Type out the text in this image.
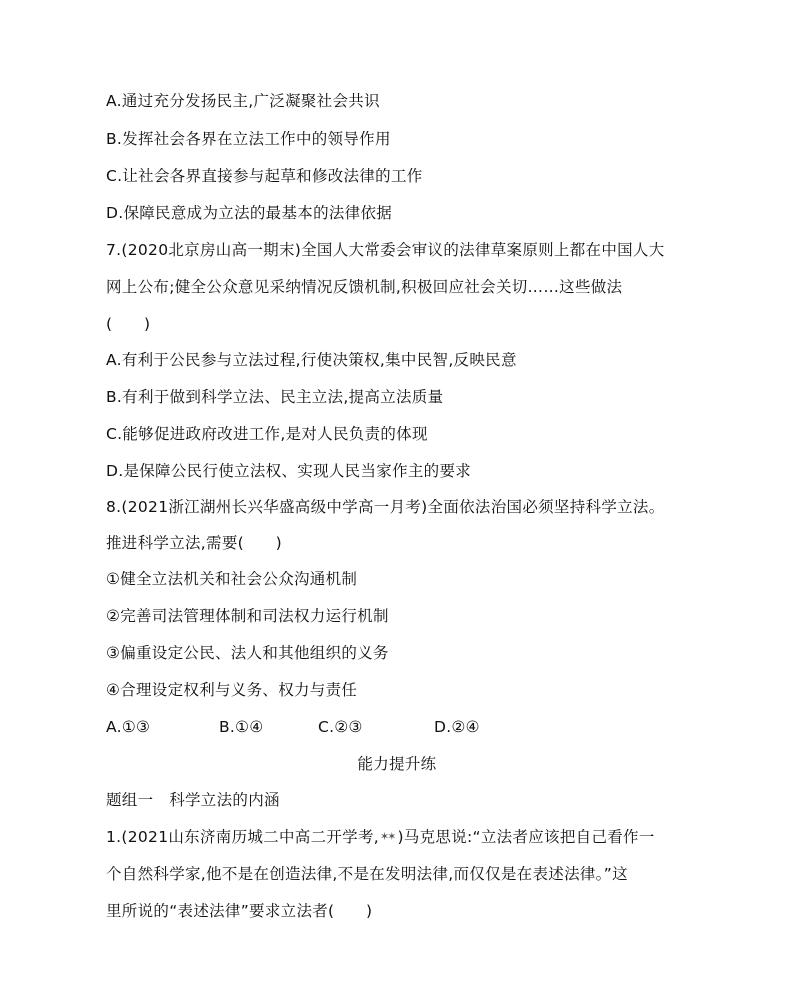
A.通过充分发扬民主,广泛凝聚社会共识
B.发挥社会各界在立法工作中的领导作用
C.让社会各界直接参与起草和修改法律的工作
D.保障民意成为立法的最基本的法律依据
7.(2020北京房山高一期末)全国人大常委会审议的法律草案原则上都在中国人大
网上公布;健全公众意见采纳情况反馈机制,积极回应社会关切……这些做法
(　　)
A.有利于公民参与立法过程,行使决策权,集中民智,反映民意
B.有利于做到科学立法、民主立法,提高立法质量
C.能够促进政府改进工作,是对人民负责的体现
D.是保障公民行使立法权、实现人民当家作主的要求
8.(2021浙江湖州长兴华盛高级中学高一月考)全面依法治国必须坚持科学立法。
推进科学立法,需要(　　)
①健全立法机关和社会公众沟通机制
②完善司法管理体制和司法权力运行机制
③偏重设定公民、法人和其他组织的义务
④合理设定权利与义务、权力与责任
A.①③	B.①④	C.②③	D.②④
能力提升练
题组一　科学立法的内涵
1.(2021山东济南历城二中高二开学考,✶✶ )马克思说:“立法者应该把自己看作一
个自然科学家,他不是在创造法律,不是在发明法律,而仅仅是在表述法律。”这
里所说的“表述法律”要求立法者(　　)
